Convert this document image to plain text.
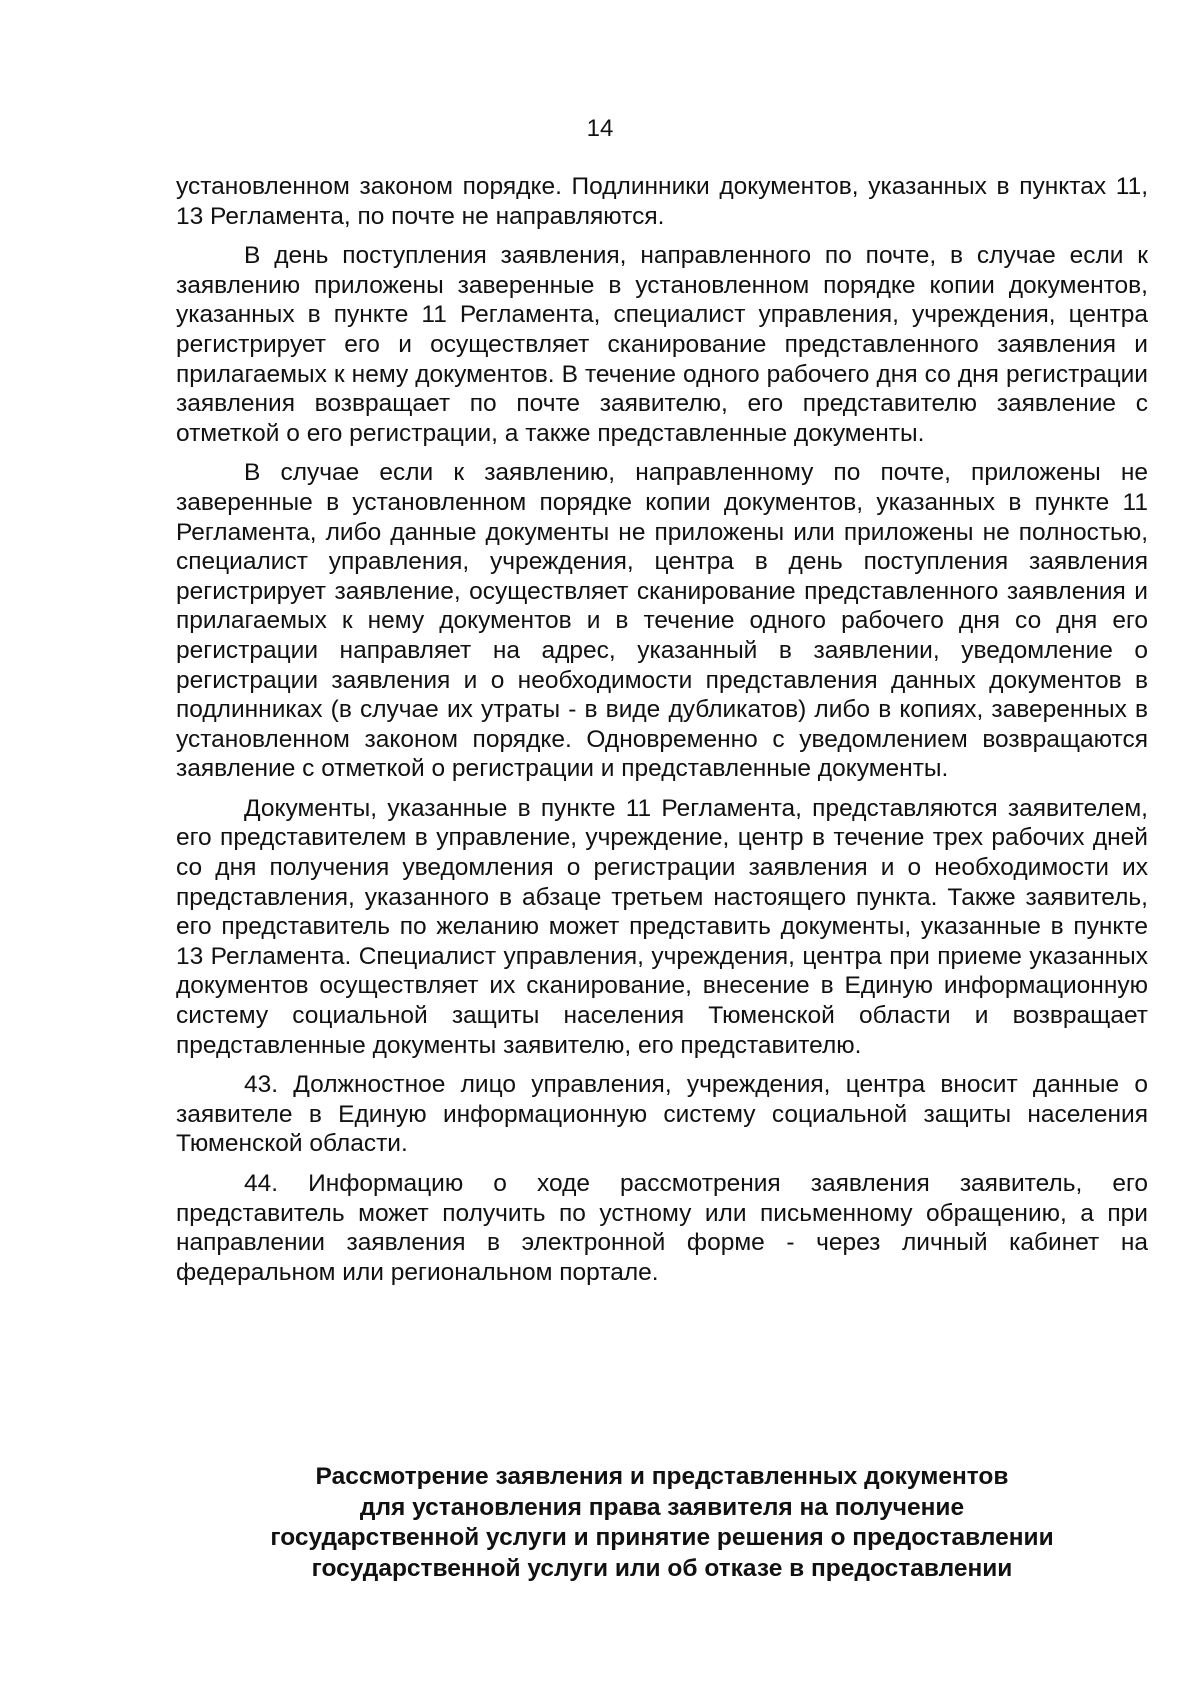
14

установленном законом порядке. Подлинники документов, указанных в пунктах 11, 13 Регламента, по почте не направляются.

В день поступления заявления, направленного по почте, в случае если к заявлению приложены заверенные в установленном порядке копии документов, указанных в пункте 11 Регламента, специалист управления, учреждения, центра регистрирует его и осуществляет сканирование представленного заявления и прилагаемых к нему документов. В течение одного рабочего дня со дня регистрации заявления возвращает по почте заявителю, его представителю заявление с отметкой о его регистрации, а также представленные документы.

В случае если к заявлению, направленному по почте, приложены не заверенные в установленном порядке копии документов, указанных в пункте 11 Регламента, либо данные документы не приложены или приложены не полностью, специалист управления, учреждения, центра в день поступления заявления регистрирует заявление, осуществляет сканирование представленного заявления и прилагаемых к нему документов и в течение одного рабочего дня со дня его регистрации направляет на адрес, указанный в заявлении, уведомление о регистрации заявления и о необходимости представления данных документов в подлинниках (в случае их утраты - в виде дубликатов) либо в копиях, заверенных в установленном законом порядке. Одновременно с уведомлением возвращаются заявление с отметкой о регистрации и представленные документы.

Документы, указанные в пункте 11 Регламента, представляются заявителем, его представителем в управление, учреждение, центр в течение трех рабочих дней со дня получения уведомления о регистрации заявления и о необходимости их представления, указанного в абзаце третьем настоящего пункта. Также заявитель, его представитель по желанию может представить документы, указанные в пункте 13 Регламента. Специалист управления, учреждения, центра при приеме указанных документов осуществляет их сканирование, внесение в Единую информационную систему социальной защиты населения Тюменской области и возвращает представленные документы заявителю, его представителю.

43. Должностное лицо управления, учреждения, центра вносит данные о заявителе в Единую информационную систему социальной защиты населения Тюменской области.

44. Информацию о ходе рассмотрения заявления заявитель, его представитель может получить по устному или письменному обращению, а при направлении заявления в электронной форме - через личный кабинет на федеральном или региональном портале.

Рассмотрение заявления и представленных документов
для установления права заявителя на получение
государственной услуги и принятие решения о предоставлении
государственной услуги или об отказе в предоставлении
